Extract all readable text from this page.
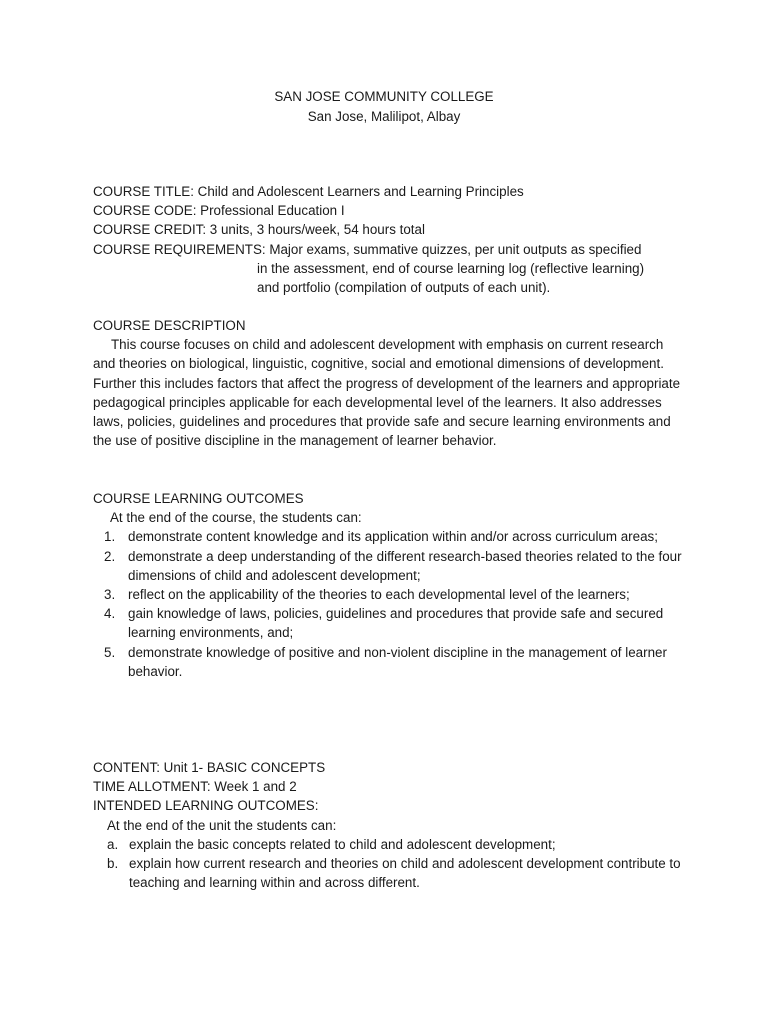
SAN JOSE COMMUNITY COLLEGE
San Jose, Malilipot, Albay
COURSE TITLE: Child and Adolescent Learners and Learning Principles
COURSE CODE: Professional Education I
COURSE CREDIT: 3 units, 3 hours/week, 54 hours total
COURSE REQUIREMENTS: Major exams, summative quizzes, per unit outputs as specified
in the assessment, end of course learning log (reflective learning)
and portfolio (compilation of outputs of each unit).
COURSE DESCRIPTION

This course focuses on child and adolescent development with emphasis on current research and theories on biological, linguistic, cognitive, social and emotional dimensions of development. Further this includes factors that affect the progress of development of the learners and appropriate pedagogical principles applicable for each developmental level of the learners. It also addresses laws, policies, guidelines and procedures that provide safe and secure learning environments and the use of positive discipline in the management of learner behavior.

COURSE LEARNING OUTCOMES
At the end of the course, the students can:
1. demonstrate content knowledge and its application within and/or across curriculum areas;
2. demonstrate a deep understanding of the different research-based theories related to the four dimensions of child and adolescent development;
3. reflect on the applicability of the theories to each developmental level of the learners;
4. gain knowledge of laws, policies, guidelines and procedures that provide safe and secured learning environments, and;
5. demonstrate knowledge of positive and non-violent discipline in the management of learner behavior.
CONTENT: Unit 1- BASIC CONCEPTS
TIME ALLOTMENT: Week 1 and 2
INTENDED LEARNING OUTCOMES:
At the end of the unit the students can:
a. explain the basic concepts related to child and adolescent development;
b. explain how current research and theories on child and adolescent development contribute to teaching and learning within and across different.
